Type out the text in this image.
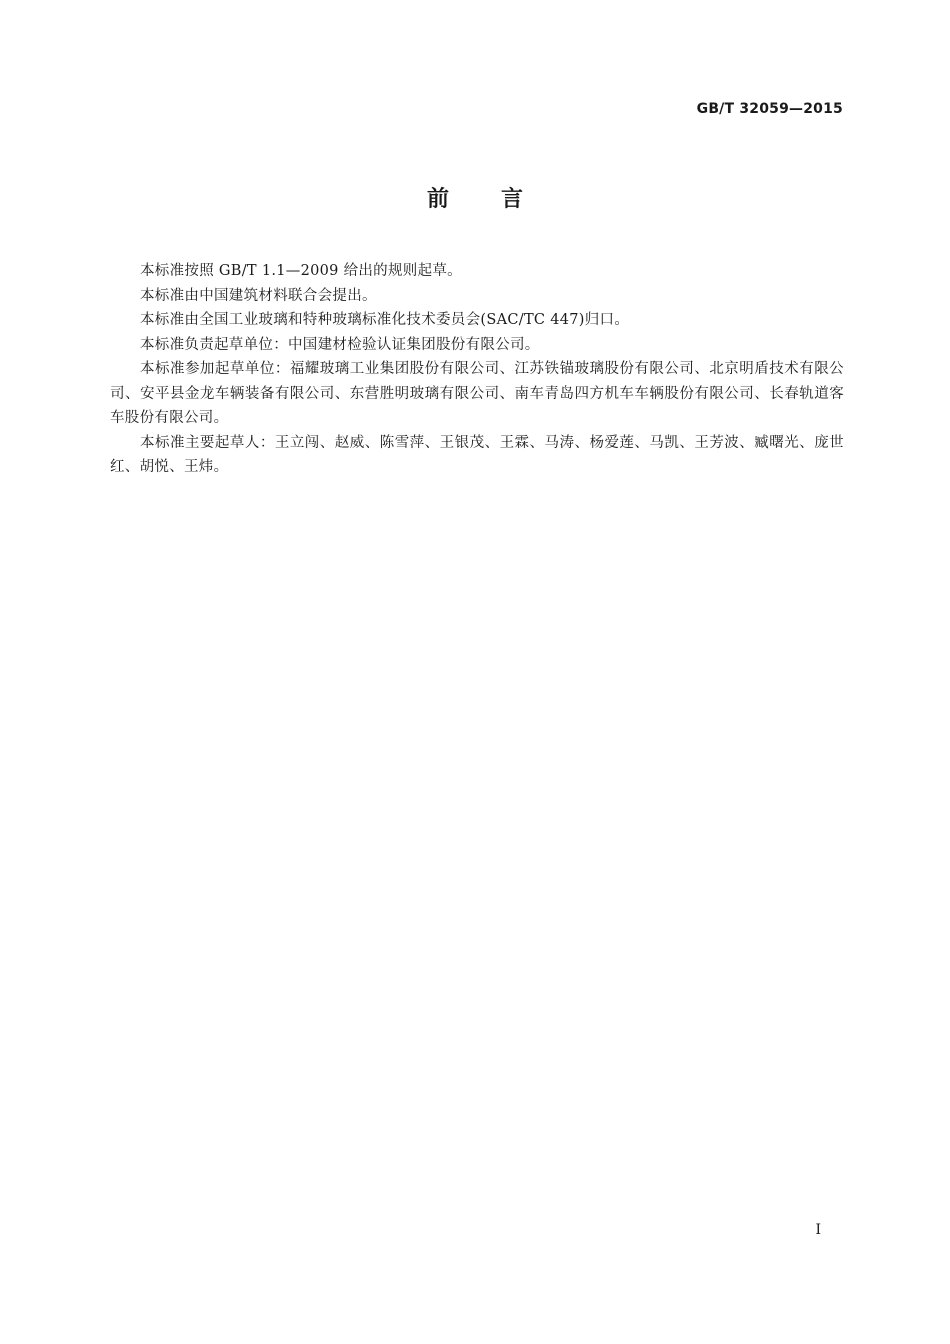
GB/T 32059—2015

前言

本标准按照 GB/T 1.1—2009 给出的规则起草。

本标准由中国建筑材料联合会提出。

本标准由全国工业玻璃和特种玻璃标准化技术委员会(SAC/TC 447)归口。

本标准负责起草单位：中国建材检验认证集团股份有限公司。

本标准参加起草单位：福耀玻璃工业集团股份有限公司、江苏铁锚玻璃股份有限公司、北京明盾技术有限公司、安平县金龙车辆装备有限公司、东营胜明玻璃有限公司、南车青岛四方机车车辆股份有限公司、长春轨道客车股份有限公司。

本标准主要起草人：王立闯、赵威、陈雪萍、王银茂、王霖、马涛、杨爱莲、马凯、王芳波、臧曙光、庞世红、胡悦、王炜。

I
